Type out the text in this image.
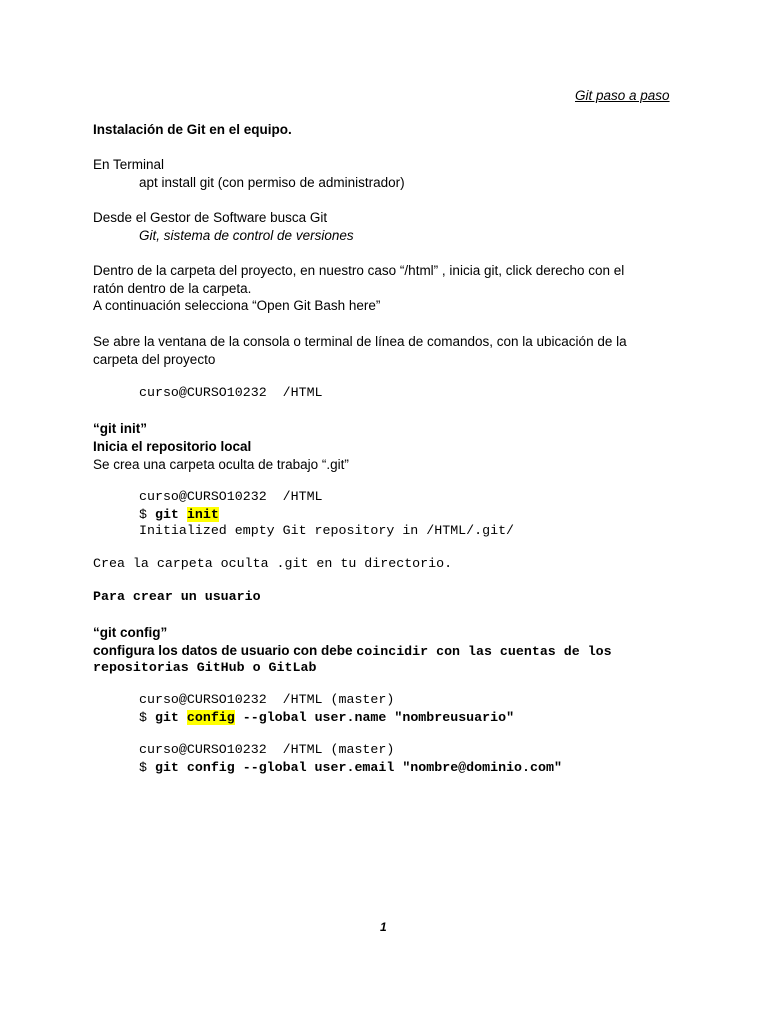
Git paso a paso
Instalación de Git en el equipo.
En Terminal
apt install git (con permiso de administrador)
Desde el Gestor de Software busca Git
Git, sistema de control de versiones
Dentro de la carpeta del proyecto, en nuestro caso “/html” , inicia git, click derecho con el
ratón dentro de la carpeta.
A continuación selecciona “Open Git Bash here”
Se abre la ventana de la consola o terminal de línea de comandos, con la ubicación de la
carpeta del proyecto
curso@CURSO10232  /HTML
“git init”
Inicia el repositorio local
Se crea una carpeta oculta de trabajo “.git”
curso@CURSO10232  /HTML
$ git init
Initialized empty Git repository in /HTML/.git/
Crea la carpeta oculta .git en tu directorio.
Para crear un usuario
“git config”
configura los datos de usuario con debe coincidir con las cuentas de los
repositorias GitHub o GitLab
curso@CURSO10232  /HTML (master)
$ git config --global user.name "nombreusuario"
curso@CURSO10232  /HTML (master)
$ git config --global user.email "nombre@dominio.com"
1
